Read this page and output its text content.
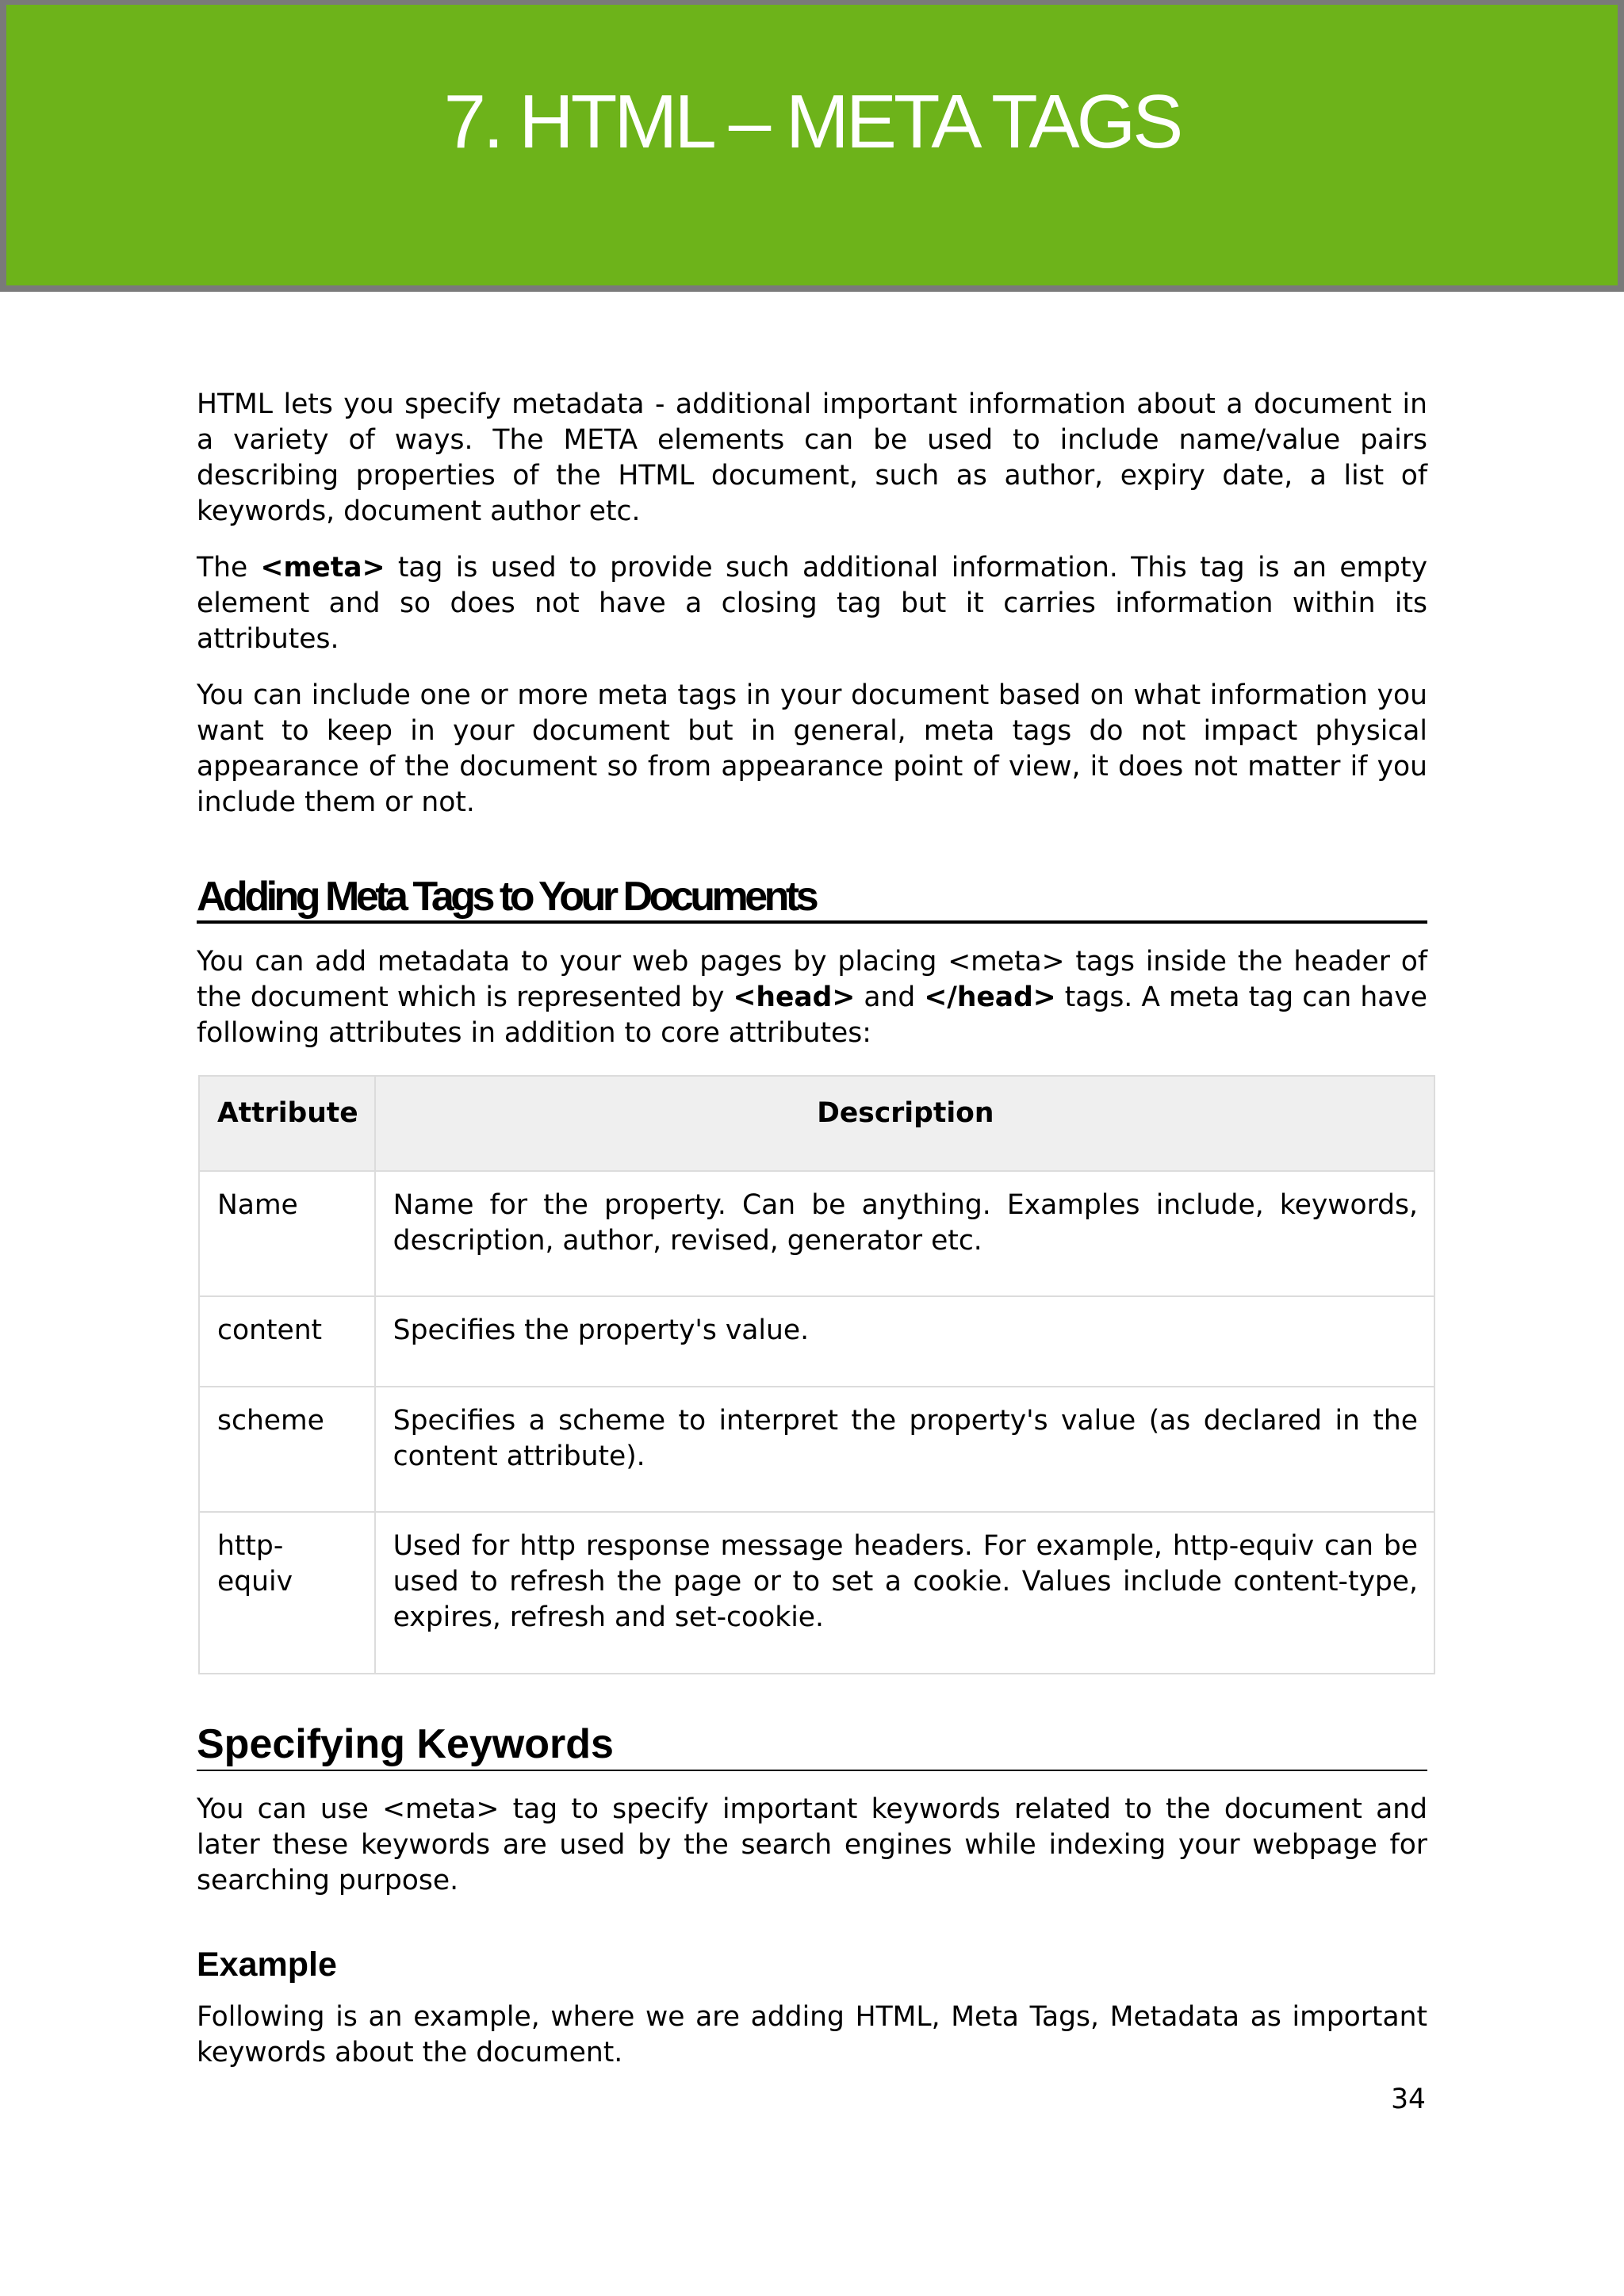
7. HTML – META TAGS

HTML lets you specify metadata - additional important information about a document in a variety of ways. The META elements can be used to include name/value pairs describing properties of the HTML document, such as author, expiry date, a list of keywords, document author etc.

The <meta> tag is used to provide such additional information. This tag is an empty element and so does not have a closing tag but it carries information within its attributes.

You can include one or more meta tags in your document based on what information you want to keep in your document but in general, meta tags do not impact physical appearance of the document so from appearance point of view, it does not matter if you include them or not.

Adding Meta Tags to Your Documents

You can add metadata to your web pages by placing <meta> tags inside the header of the document which is represented by <head> and </head> tags. A meta tag can have following attributes in addition to core attributes:

Attribute	Description
Name	Name for the property. Can be anything. Examples include, keywords, description, author, revised, generator etc.
content	Specifies the property's value.
scheme	Specifies a scheme to interpret the property's value (as declared in the content attribute).
http-equiv	Used for http response message headers. For example, http-equiv can be used to refresh the page or to set a cookie. Values include content-type, expires, refresh and set-cookie.
Specifying Keywords

You can use <meta> tag to specify important keywords related to the document and later these keywords are used by the search engines while indexing your webpage for searching purpose.

Example

Following is an example, where we are adding HTML, Meta Tags, Metadata as important keywords about the document.

34
